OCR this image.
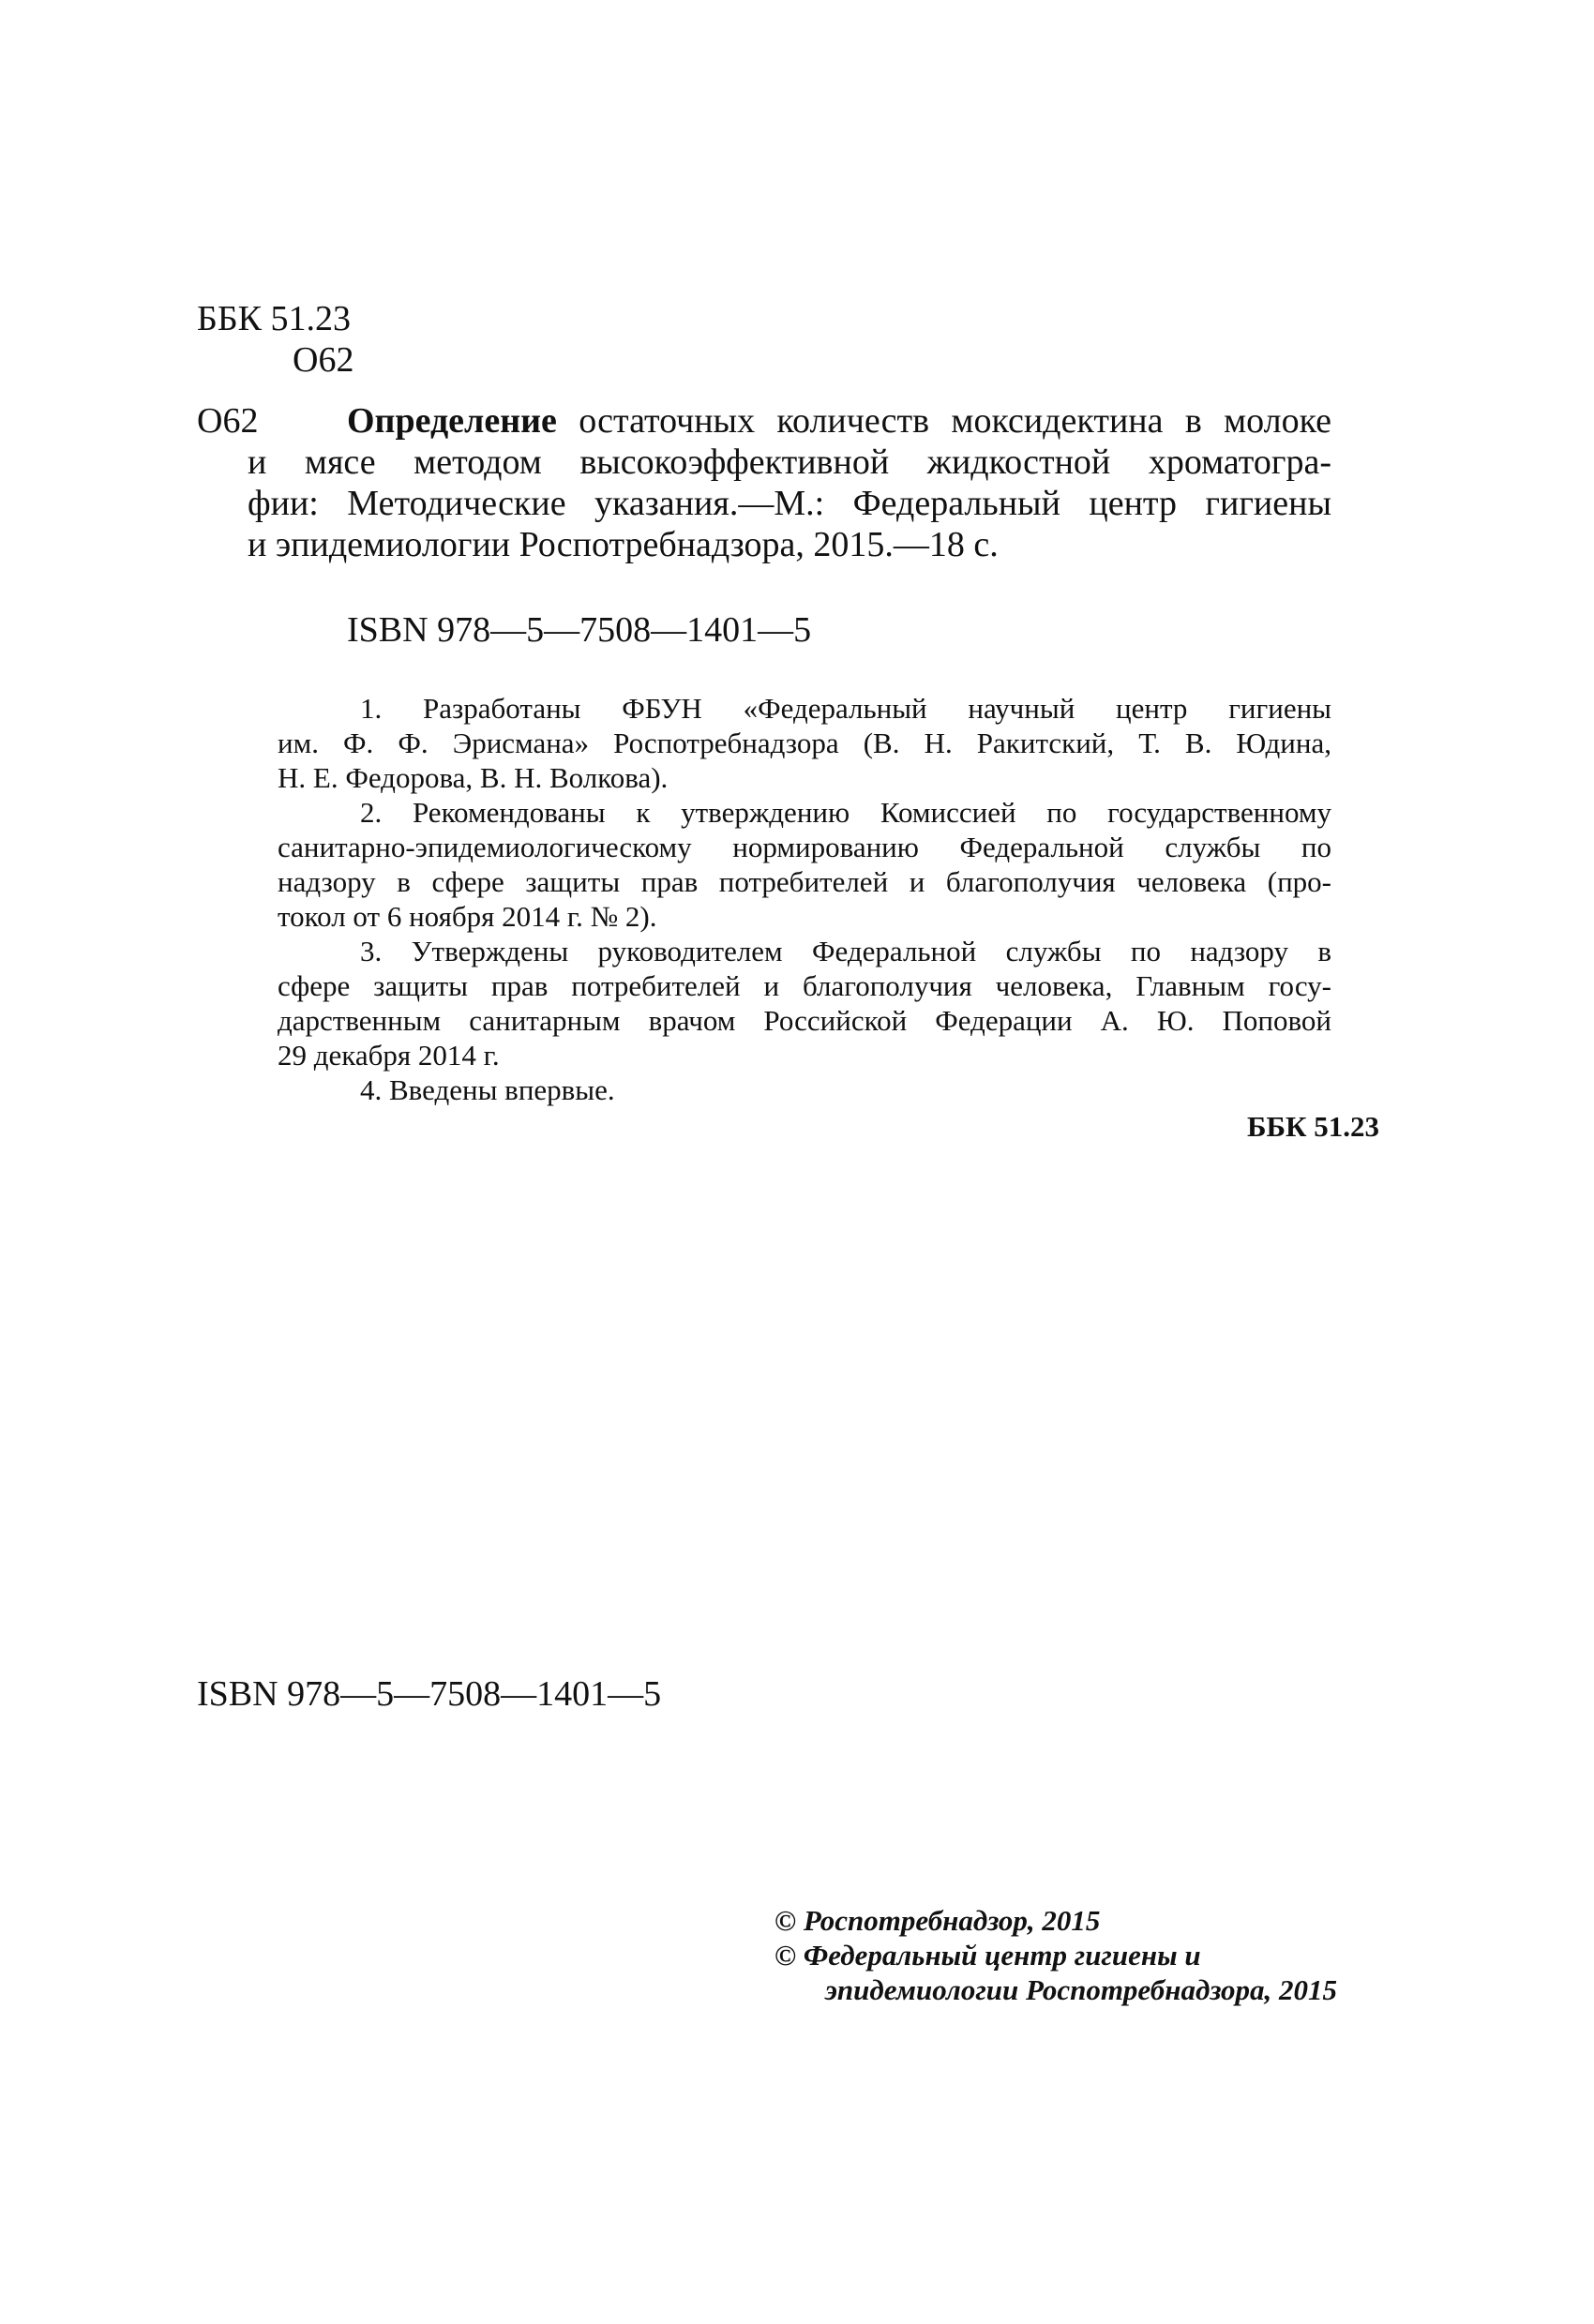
ББК 51.23
О62
О62	Определение остаточных количеств моксидектина в молоке
и мясе методом высокоэффективной жидкостной хроматогра-
фии: Методические указания.—М.: Федеральный центр гигиены
и эпидемиологии Роспотребнадзора, 2015.—18 с.
ISBN 978—5—7508—1401—5
1. Разработаны ФБУН «Федеральный научный центр гигиены
им. Ф. Ф. Эрисмана» Роспотребнадзора (В. Н. Ракитский, Т. В. Юдина,
Н. Е. Федорова, В. Н. Волкова).
2. Рекомендованы к утверждению Комиссией по государственному
санитарно-эпидемиологическому нормированию Федеральной службы по
надзору в сфере защиты прав потребителей и благополучия человека (про-
токол от 6 ноября 2014 г. № 2).
3. Утверждены руководителем Федеральной службы по надзору в
сфере защиты прав потребителей и благополучия человека, Главным госу-
дарственным санитарным врачом Российской Федерации А. Ю. Поповой
29 декабря 2014 г.
4. Введены впервые.
ББК 51.23
ISBN 978—5—7508—1401—5
© Роспотребнадзор, 2015
© Федеральный центр гигиены и
эпидемиологии Роспотребнадзора, 2015
